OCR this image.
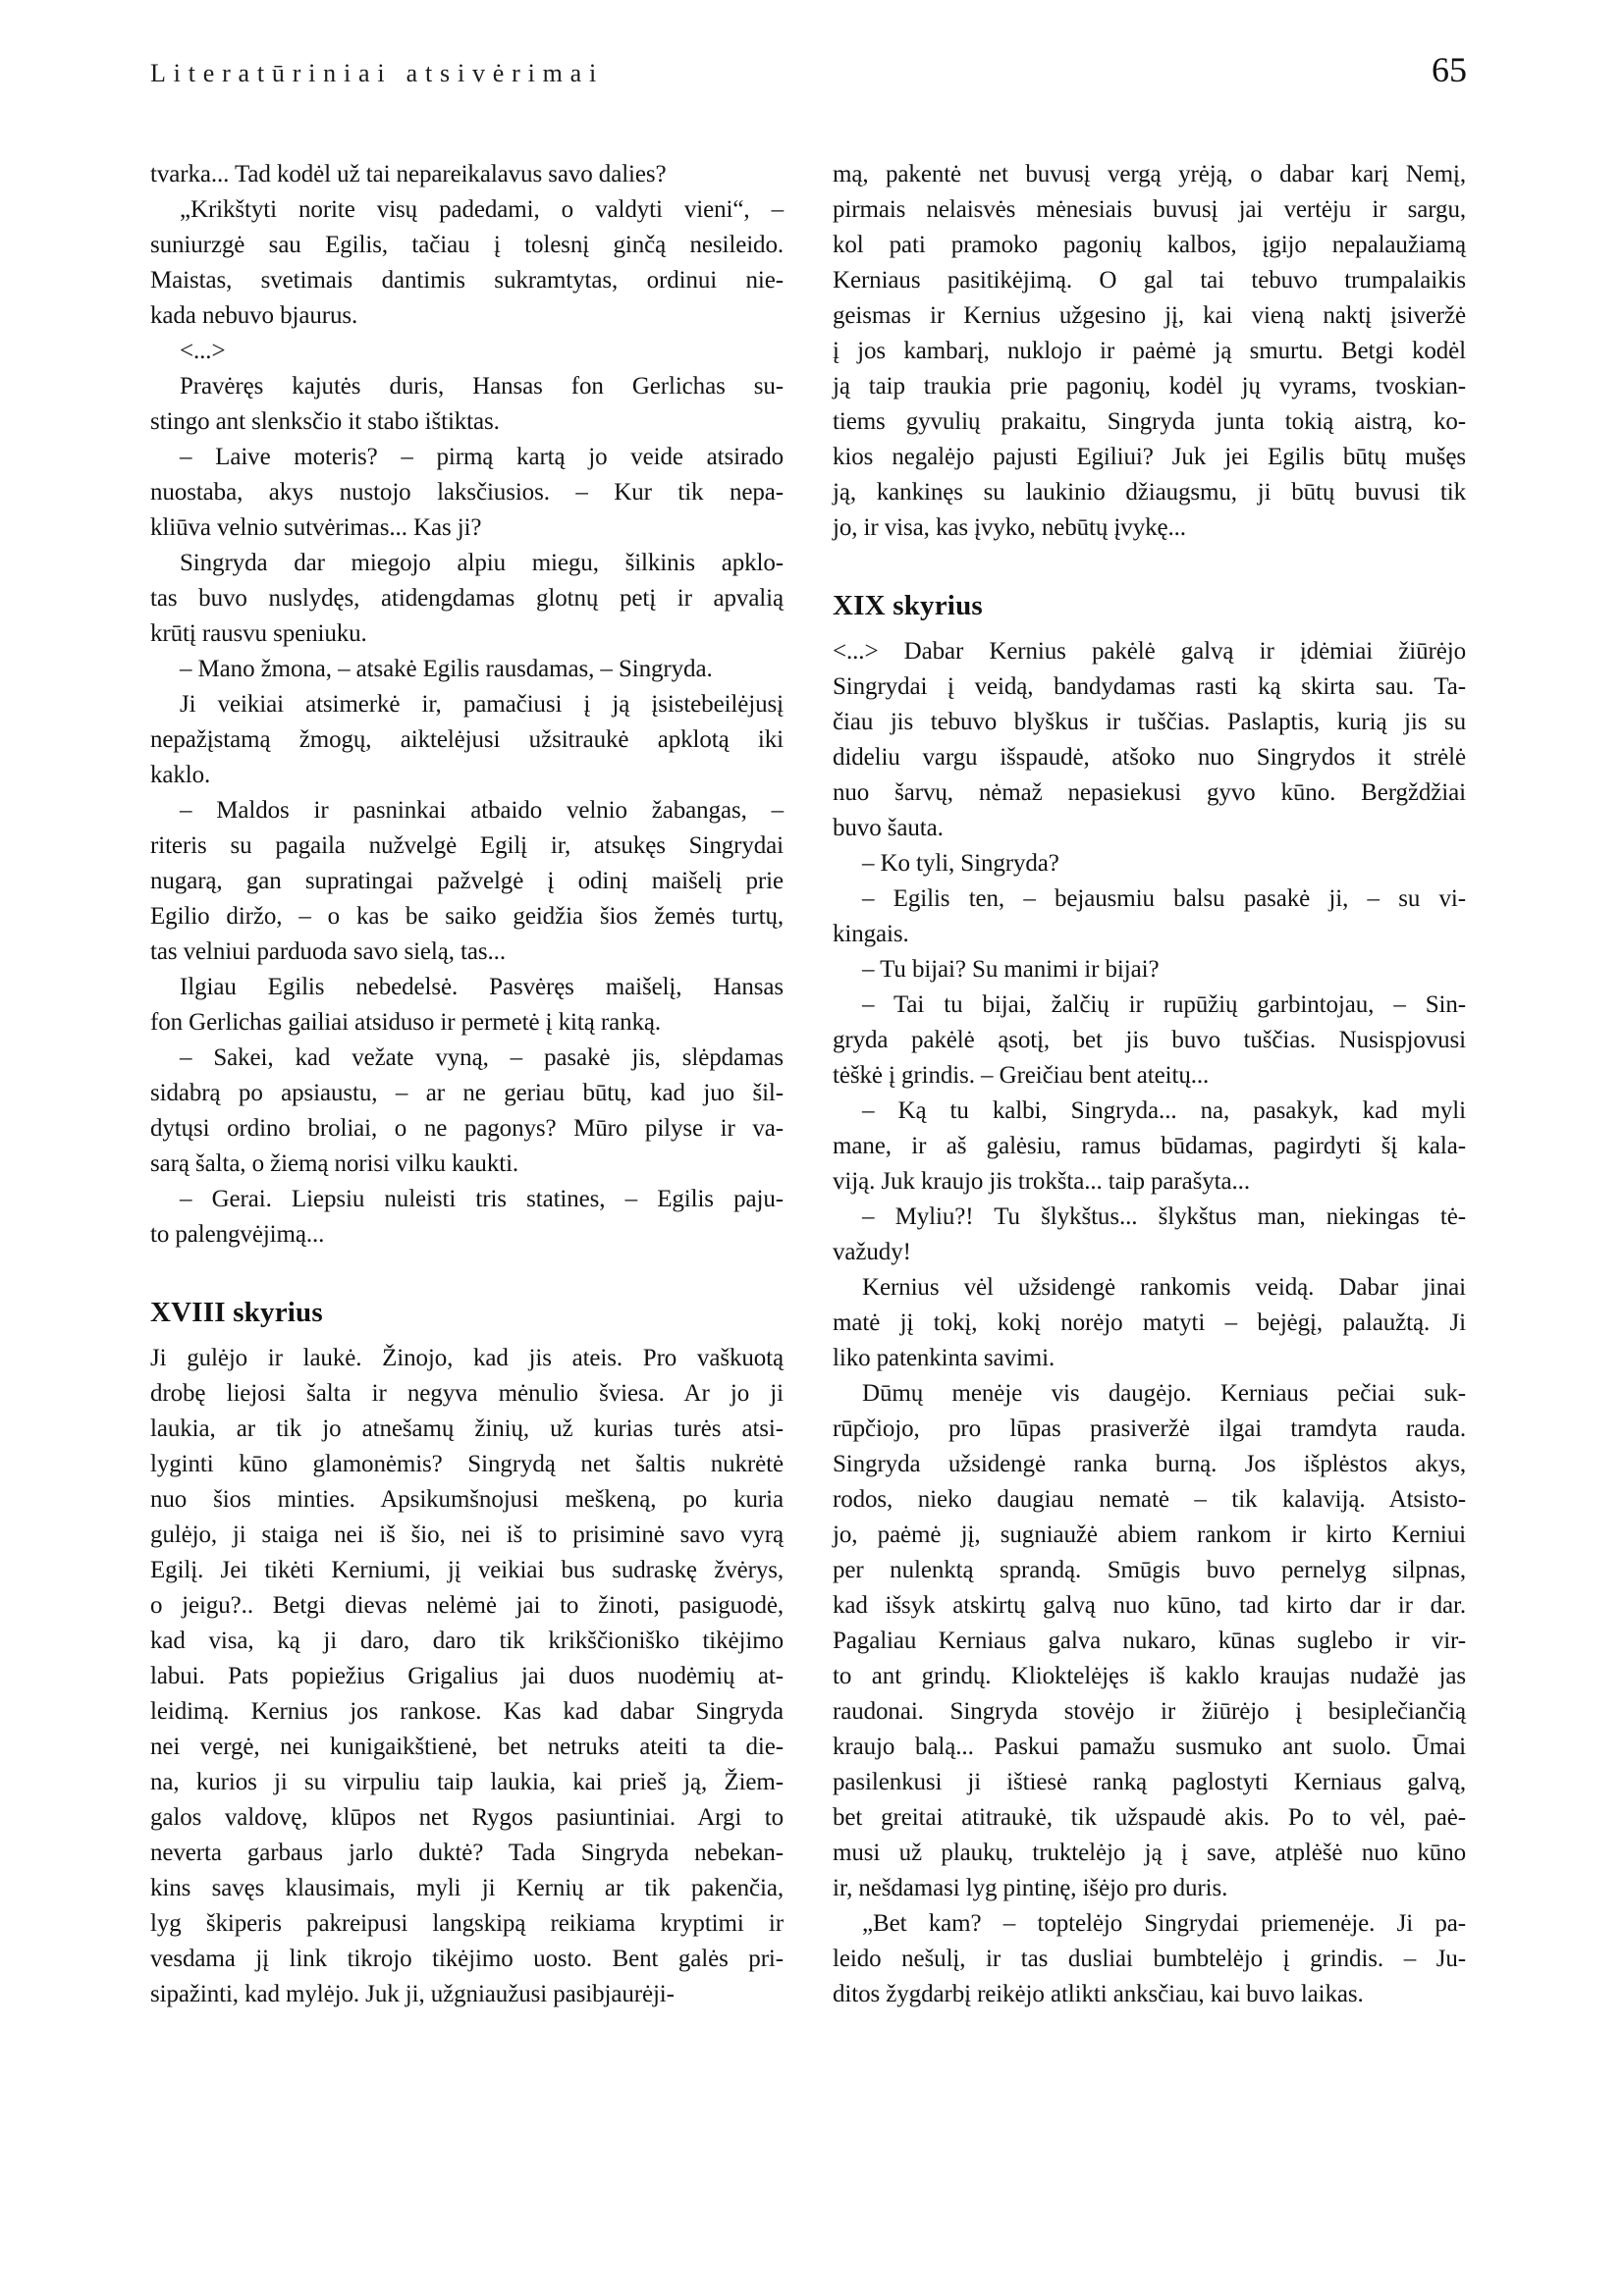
Literatūriniai atsivėrimai	65
tvarka... Tad kodėl už tai nepareikalavus savo dalies?
„Krikštyti norite visų padedami, o valdyti vieni“, –
suniurzgė sau Egilis, tačiau į tolesnį ginčą nesileido.
Maistas, svetimais dantimis sukramtytas, ordinui nie-
kada nebuvo bjaurus.
<...>
Pravėręs kajutės duris, Hansas fon Gerlichas su-
stingo ant slenksčio it stabo ištiktas.
– Laive moteris? – pirmą kartą jo veide atsirado
nuostaba, akys nustojo laksčiusios. – Kur tik nepa-
kliūva velnio sutvėrimas... Kas ji?
Singryda dar miegojo alpiu miegu, šilkinis apklo-
tas buvo nuslydęs, atidengdamas glotnų petį ir apvalią
krūtį rausvu speniuku.
– Mano žmona, – atsakė Egilis rausdamas, – Singryda.
Ji veikiai atsimerkė ir, pamačiusi į ją įsistebeilėjusį
nepažįstamą žmogų, aiktelėjusi užsitraukė apklotą iki
kaklo.
– Maldos ir pasninkai atbaido velnio žabangas, –
riteris su pagaila nužvelgė Egilį ir, atsukęs Singrydai
nugarą, gan supratingai pažvelgė į odinį maišelį prie
Egilio diržo, – o kas be saiko geidžia šios žemės turtų,
tas velniui parduoda savo sielą, tas...
Ilgiau Egilis nebedelsė. Pasvėręs maišelį, Hansas
fon Gerlichas gailiai atsiduso ir permetė į kitą ranką.
– Sakei, kad vežate vyną, – pasakė jis, slėpdamas
sidabrą po apsiaustu, – ar ne geriau būtų, kad juo šil-
dytųsi ordino broliai, o ne pagonys? Mūro pilyse ir va-
sarą šalta, o žiemą norisi vilku kaukti.
– Gerai. Liepsiu nuleisti tris statines, – Egilis paju-
to palengvėjimą...
XVIII skyrius
Ji gulėjo ir laukė. Žinojo, kad jis ateis. Pro vaškuotą
drobę liejosi šalta ir negyva mėnulio šviesa. Ar jo ji
laukia, ar tik jo atnešamų žinių, už kurias turės atsi-
lyginti kūno glamonėmis? Singrydą net šaltis nukrėtė
nuo šios minties. Apsikumšnojusi meškeną, po kuria
gulėjo, ji staiga nei iš šio, nei iš to prisiminė savo vyrą
Egilį. Jei tikėti Kerniumi, jį veikiai bus sudraskę žvėrys,
o jeigu?.. Betgi dievas nelėmė jai to žinoti, pasiguodė,
kad visa, ką ji daro, daro tik krikščioniško tikėjimo
labui. Pats popiežius Grigalius jai duos nuodėmių at-
leidimą. Kernius jos rankose. Kas kad dabar Singryda
nei vergė, nei kunigaikštienė, bet netruks ateiti ta die-
na, kurios ji su virpuliu taip laukia, kai prieš ją, Žiem-
galos valdovę, klūpos net Rygos pasiuntiniai. Argi to
neverta garbaus jarlo duktė? Tada Singryda nebekan-
kins savęs klausimais, myli ji Kernių ar tik pakenčia,
lyg škiperis pakreipusi langskipą reikiama kryptimi ir
vesdama jį link tikrojo tikėjimo uosto. Bent galės pri-
sipažinti, kad mylėjo. Juk ji, užgniaužusi pasibjaurėji-
mą, pakentė net buvusį vergą yrėją, o dabar karį Nemį,
pirmais nelaisvės mėnesiais buvusį jai vertėju ir sargu,
kol pati pramoko pagonių kalbos, įgijo nepalaužiamą
Kerniaus pasitikėjimą. O gal tai tebuvo trumpalaikis
geismas ir Kernius užgesino jį, kai vieną naktį įsiveržė
į jos kambarį, nuklojo ir paėmė ją smurtu. Betgi kodėl
ją taip traukia prie pagonių, kodėl jų vyrams, tvoskian-
tiems gyvulių prakaitu, Singryda junta tokią aistrą, ko-
kios negalėjo pajusti Egiliui? Juk jei Egilis būtų mušęs
ją, kankinęs su laukinio džiaugsmu, ji būtų buvusi tik
jo, ir visa, kas įvyko, nebūtų įvykę...
XIX skyrius
<...> Dabar Kernius pakėlė galvą ir įdėmiai žiūrėjo
Singrydai į veidą, bandydamas rasti ką skirta sau. Ta-
čiau jis tebuvo blyškus ir tuščias. Paslaptis, kurią jis su
dideliu vargu išspaudė, atšoko nuo Singrydos it strėlė
nuo šarvų, nėmaž nepasiekusi gyvo kūno. Bergždžiai
buvo šauta.
– Ko tyli, Singryda?
– Egilis ten, – bejausmiu balsu pasakė ji, – su vi-
kingais.
– Tu bijai? Su manimi ir bijai?
– Tai tu bijai, žalčių ir rupūžių garbintojau, – Sin-
gryda pakėlė ąsotį, bet jis buvo tuščias. Nusispjovusi
tėškė į grindis. – Greičiau bent ateitų...
– Ką tu kalbi, Singryda... na, pasakyk, kad myli
mane, ir aš galėsiu, ramus būdamas, pagirdyti šį kala-
viją. Juk kraujo jis trokšta... taip parašyta...
– Myliu?! Tu šlykštus... šlykštus man, niekingas tė-
važudy!
Kernius vėl užsidengė rankomis veidą. Dabar jinai
matė jį tokį, kokį norėjo matyti – bejėgį, palaužtą. Ji
liko patenkinta savimi.
Dūmų menėje vis daugėjo. Kerniaus pečiai suk-
rūpčiojo, pro lūpas prasiveržė ilgai tramdyta rauda.
Singryda užsidengė ranka burną. Jos išplėstos akys,
rodos, nieko daugiau nematė – tik kalaviją. Atsisto-
jo, paėmė jį, sugniaužė abiem rankom ir kirto Kerniui
per nulenktą sprandą. Smūgis buvo pernelyg silpnas,
kad išsyk atskirtų galvą nuo kūno, tad kirto dar ir dar.
Pagaliau Kerniaus galva nukaro, kūnas suglebo ir vir-
to ant grindų. Klioktelėjęs iš kaklo kraujas nudažė jas
raudonai. Singryda stovėjo ir žiūrėjo į besiplečiančią
kraujo balą... Paskui pamažu susmuko ant suolo. Ūmai
pasilenkusi ji ištiesė ranką paglostyti Kerniaus galvą,
bet greitai atitraukė, tik užspaudė akis. Po to vėl, paė-
musi už plaukų, truktelėjo ją į save, atplėšė nuo kūno
ir, nešdamasi lyg pintinę, išėjo pro duris.
„Bet kam? – toptelėjo Singrydai priemenėje. Ji pa-
leido nešulį, ir tas dusliai bumbtelėjo į grindis. – Ju-
ditos žygdarbį reikėjo atlikti anksčiau, kai buvo laikas.
